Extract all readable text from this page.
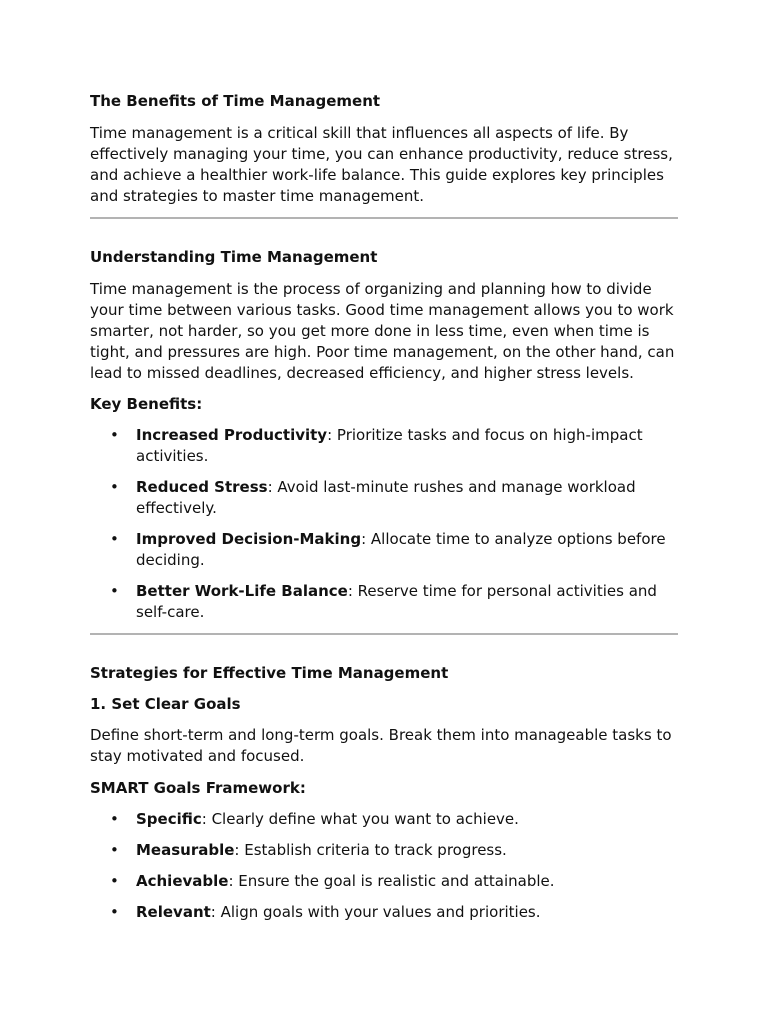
The Benefits of Time Management

Time management is a critical skill that influences all aspects of life. By effectively managing your time, you can enhance productivity, reduce stress, and achieve a healthier work-life balance. This guide explores key principles and strategies to master time management.

Understanding Time Management

Time management is the process of organizing and planning how to divide your time between various tasks. Good time management allows you to work smarter, not harder, so you get more done in less time, even when time is tight, and pressures are high. Poor time management, on the other hand, can lead to missed deadlines, decreased efficiency, and higher stress levels.

Key Benefits:
• Increased Productivity: Prioritize tasks and focus on high-impact activities.
• Reduced Stress: Avoid last-minute rushes and manage workload effectively.
• Improved Decision-Making: Allocate time to analyze options before deciding.
• Better Work-Life Balance: Reserve time for personal activities and self-care.
Strategies for Effective Time Management
1. Set Clear Goals

Define short-term and long-term goals. Break them into manageable tasks to stay motivated and focused.

SMART Goals Framework:
• Specific: Clearly define what you want to achieve.
• Measurable: Establish criteria to track progress.
• Achievable: Ensure the goal is realistic and attainable.
• Relevant: Align goals with your values and priorities.
